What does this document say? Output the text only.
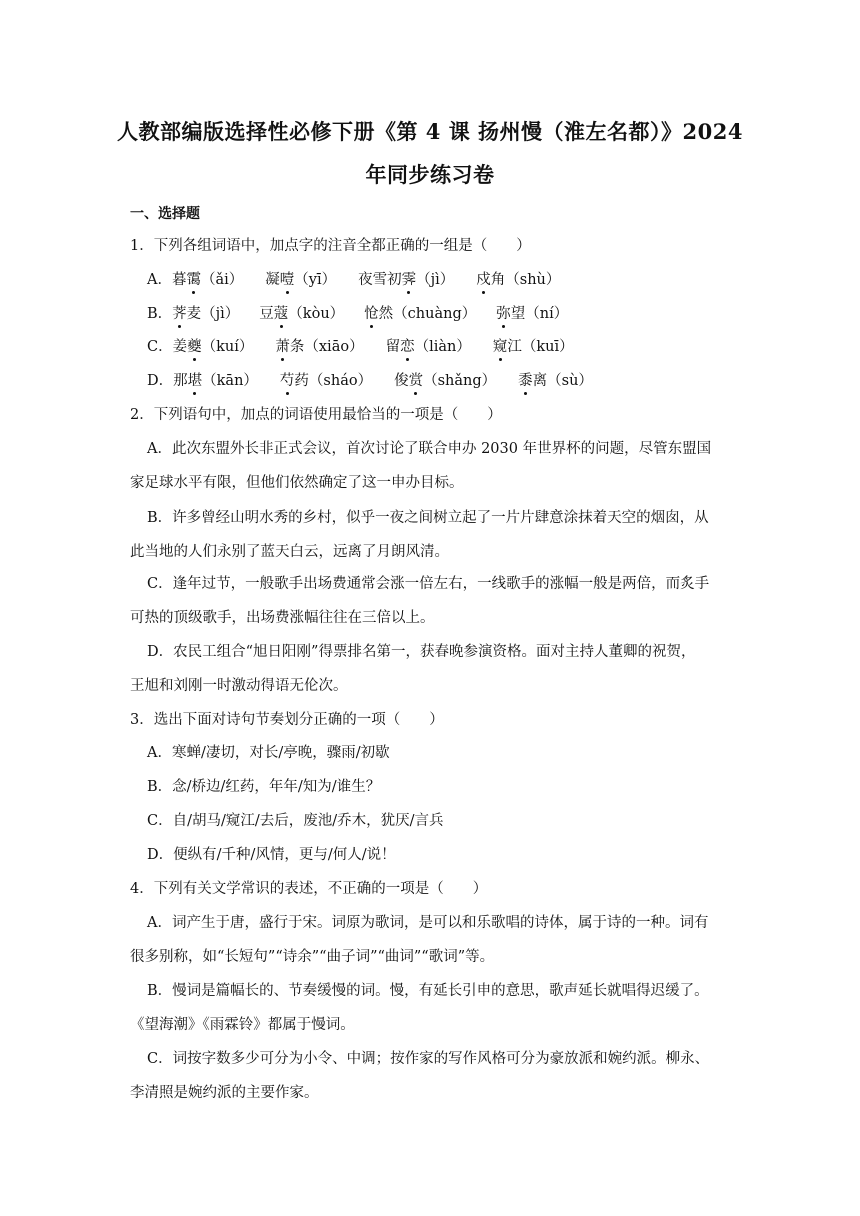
人教部编版选择性必修下册《第 4 课 扬州慢（淮左名都）》2024
年同步练习卷
一、选择题
1．下列各组词语中，加点字的注音全都正确的一组是（　　）
A．暮霭（ǎi） 凝噎（yī） 夜雪初霁（jì） 戍角（shù）
B．荠麦（jì） 豆蔻（kòu） 怆然（chuàng） 弥望（ní）
C．姜夔（kuí） 萧条（xiāo） 留恋（liàn） 窥江（kuī）
D．那堪（kān） 芍药（sháo） 俊赏（shǎng） 黍离（sù）
2．下列语句中，加点的词语使用最恰当的一项是（　　）
A．此次东盟外长非正式会议，首次讨论了联合申办 2030 年世界杯的问题，尽管东盟国
家足球水平有限，但他们依然确定了这一申办目标。
B．许多曾经山明水秀的乡村，似乎一夜之间树立起了一片片肆意涂抹着天空的烟囱，从
此当地的人们永别了蓝天白云，远离了月朗风清。
C．逢年过节，一般歌手出场费通常会涨一倍左右，一线歌手的涨幅一般是两倍，而炙手
可热的顶级歌手，出场费涨幅往往在三倍以上。
D．农民工组合“旭日阳刚”得票排名第一，获春晚参演资格。面对主持人董卿的祝贺，
王旭和刘刚一时激动得语无伦次。
3．选出下面对诗句节奏划分正确的一项（　　）
A．寒蝉/凄切，对长/亭晚，骤雨/初歇
B．念/桥边/红药，年年/知为/谁生？
C．自/胡马/窥江/去后，废池/乔木，犹厌/言兵
D．便纵有/千种/风情，更与/何人/说！
4．下列有关文学常识的表述，不正确的一项是（　　）
A．词产生于唐，盛行于宋。词原为歌词，是可以和乐歌唱的诗体，属于诗的一种。词有
很多别称，如“长短句”“诗余”“曲子词”“曲词”“歌词”等。
B．慢词是篇幅长的、节奏缓慢的词。慢，有延长引申的意思，歌声延长就唱得迟缓了。
《望海潮》《雨霖铃》都属于慢词。
C．词按字数多少可分为小令、中调；按作家的写作风格可分为豪放派和婉约派。柳永、
李清照是婉约派的主要作家。
